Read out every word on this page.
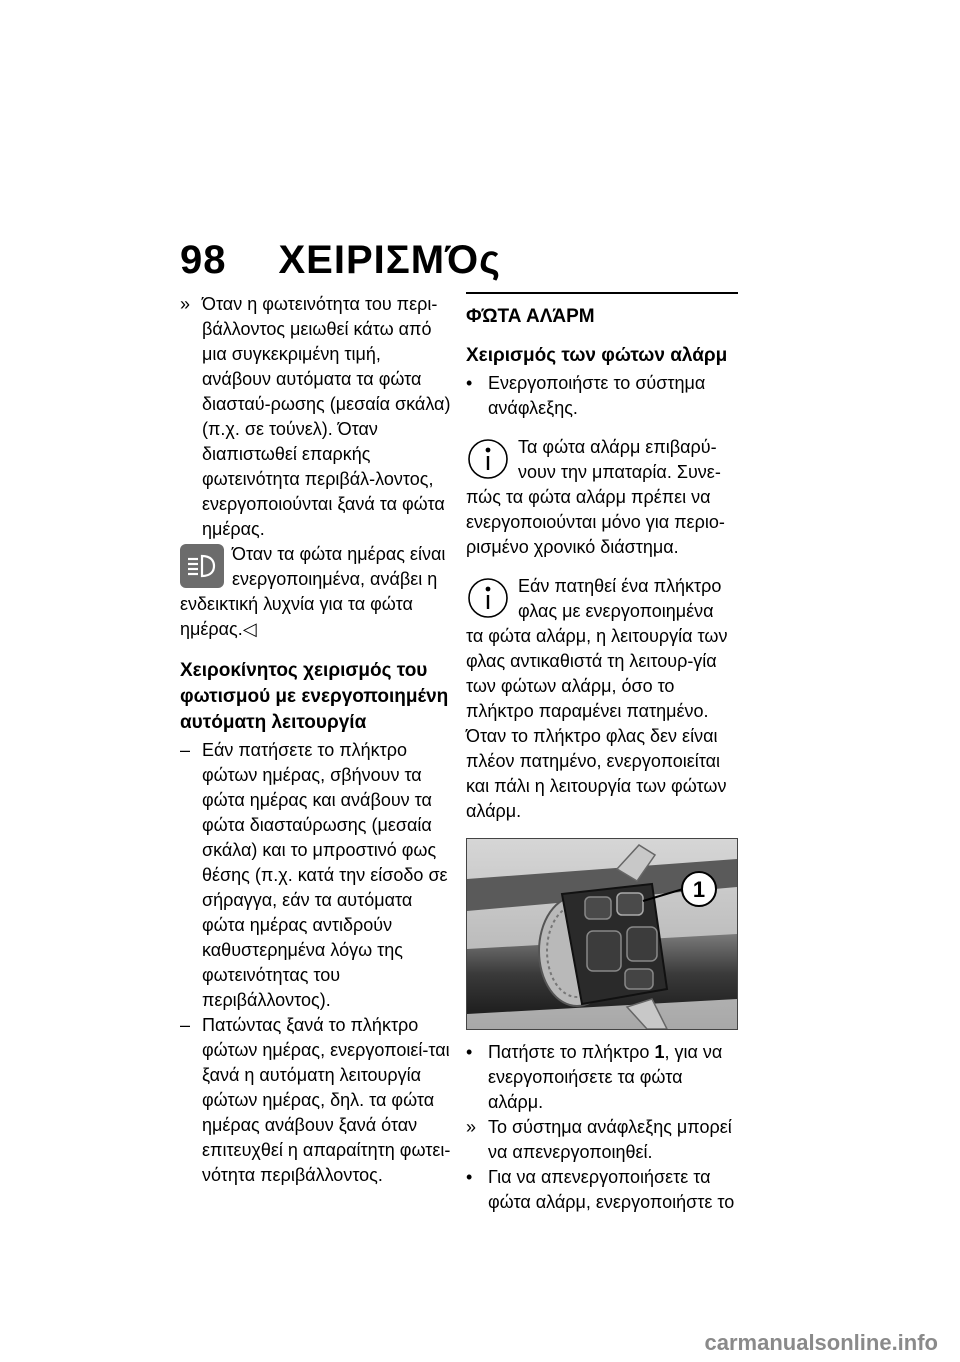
98 ΧΕΙΡΙΣΜΌς

» Όταν η φωτεινότητα του περι-βάλλοντος μειωθεί κάτω από μια συγκεκριμένη τιμή, ανάβουν αυτόματα τα φώτα διασταύ-ρωσης (μεσαία σκάλα) (π.χ. σε τούνελ). Όταν διαπιστωθεί επαρκής φωτεινότητα περιβάλ-λοντος, ενεργοποιούνται ξανά τα φώτα ημέρας.

Όταν τα φώτα ημέρας είναι

ενεργοποιημένα, ανάβει η

ενδεικτική λυχνία για τα φώτα ημέρας.◁

Χειροκίνητος χειρισμός του φωτισμού με ενεργοποιημένη αυτόματη λειτουργία

– Εάν πατήσετε το πλήκτρο φώτων ημέρας, σβήνουν τα φώτα ημέρας και ανάβουν τα φώτα διασταύρωσης (μεσαία σκάλα) και το μπροστινό φως θέσης (π.χ. κατά την είσοδο σε σήραγγα, εάν τα αυτόματα φώτα ημέρας αντιδρούν καθυστερημένα λόγω της φωτεινότητας του περιβάλλοντος).

– Πατώντας ξανά το πλήκτρο φώτων ημέρας, ενεργοποιεί-ται ξανά η αυτόματη λειτουργία φώτων ημέρας, δηλ. τα φώτα ημέρας ανάβουν ξανά όταν επιτευχθεί η απαραίτητη φωτει-νότητα περιβάλλοντος.

ΦΏΤΑ ΑΛΆΡΜ

Χειρισμός των φώτων αλάρμ

• Ενεργοποιήστε το σύστημα ανάφλεξης.

Τα φώτα αλάρμ επιβαρύ-

νουν την μπαταρία. Συνε-

πώς τα φώτα αλάρμ πρέπει να ενεργοποιούνται μόνο για περιο-ρισμένο χρονικό διάστημα.

Εάν πατηθεί ένα πλήκτρο

φλας με ενεργοποιημένα

τα φώτα αλάρμ, η λειτουργία των φλας αντικαθιστά τη λειτουρ-γία των φώτων αλάρμ, όσο το πλήκτρο παραμένει πατημένο. Όταν το πλήκτρο φλας δεν είναι πλέον πατημένο, ενεργοποιείται και πάλι η λειτουργία των φώτων αλάρμ.

1

• Πατήστε το πλήκτρο 1, για να ενεργοποιήσετε τα φώτα αλάρμ.

» Το σύστημα ανάφλεξης μπορεί να απενεργοποιηθεί.

• Για να απενεργοποιήσετε τα φώτα αλάρμ, ενεργοποιήστε το

carmanualsonline.info
